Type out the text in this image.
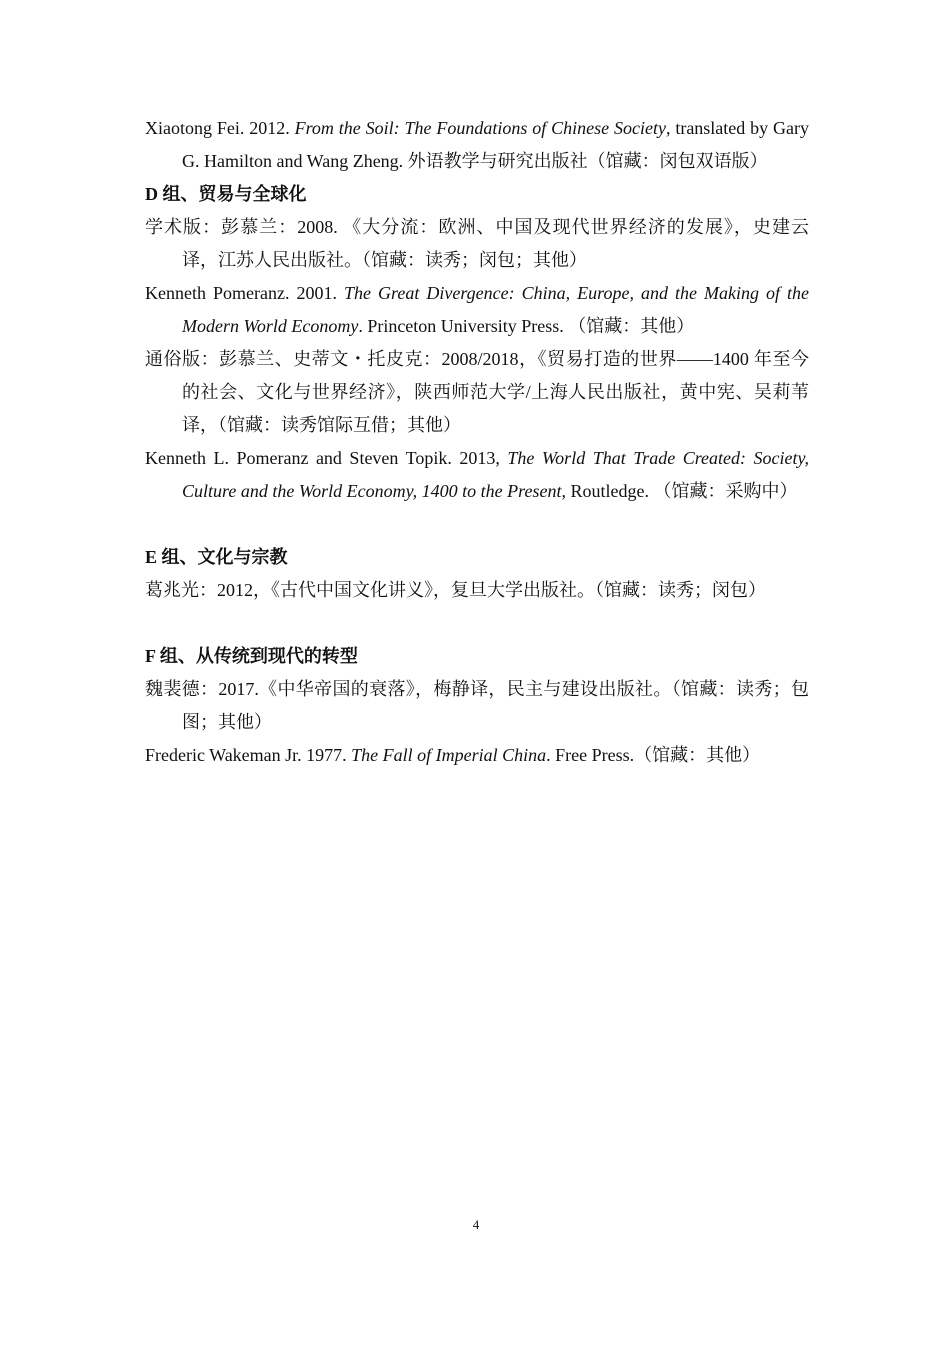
Xiaotong Fei. 2012. From the Soil: The Foundations of Chinese Society, translated by Gary G. Hamilton and Wang Zheng. 外语教学与研究出版社（馆藏：闵包双语版）

D 组、贸易与全球化

学术版：彭慕兰：2008. 《大分流：欧洲、中国及现代世界经济的发展》，史建云译，江苏人民出版社。（馆藏：读秀；闵包；其他）

Kenneth Pomeranz. 2001. The Great Divergence: China, Europe, and the Making of the Modern World Economy. Princeton University Press. （馆藏：其他）

通俗版：彭慕兰、史蒂文・托皮克：2008/2018，《贸易打造的世界——1400 年至今的社会、文化与世界经济》，陕西师范大学/上海人民出版社，黄中宪、吴莉苇译，（馆藏：读秀馆际互借；其他）

Kenneth L. Pomeranz and Steven Topik. 2013, The World That Trade Created: Society, Culture and the World Economy, 1400 to the Present, Routledge. （馆藏：采购中）

E 组、文化与宗教

葛兆光：2012，《古代中国文化讲义》，复旦大学出版社。（馆藏：读秀；闵包）

F 组、从传统到现代的转型

魏裴德：2017.《中华帝国的衰落》，梅静译，民主与建设出版社。（馆藏：读秀；包图；其他）

Frederic Wakeman Jr. 1977. The Fall of Imperial China. Free Press.（馆藏：其他）

4
